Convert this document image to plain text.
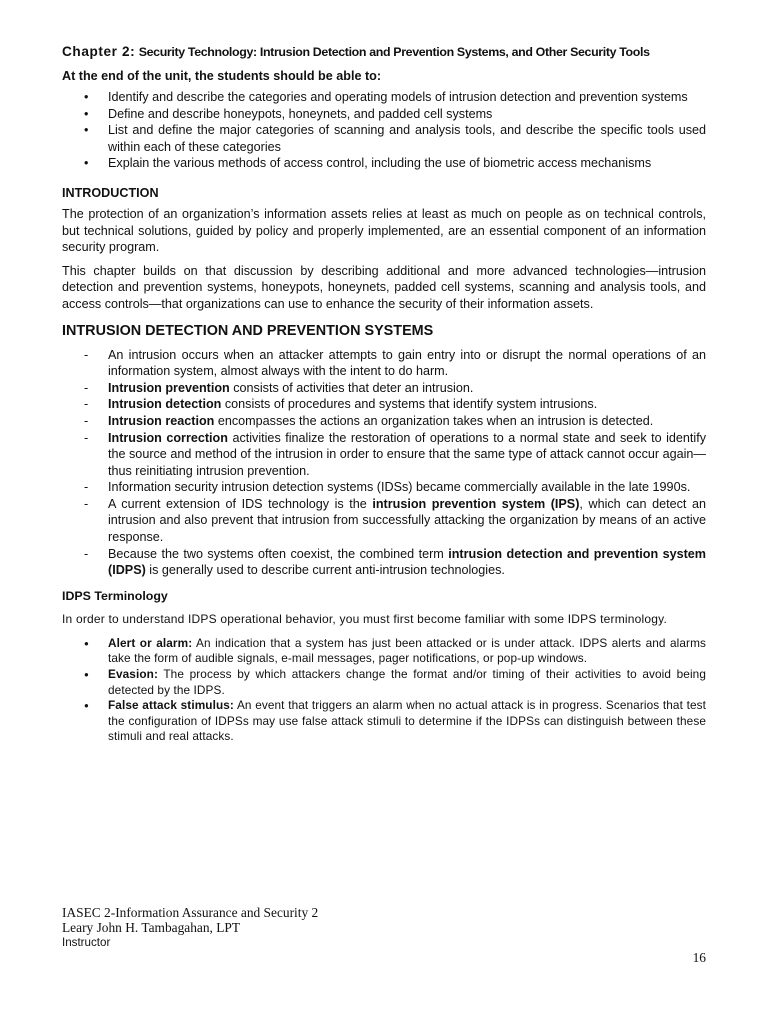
Chapter 2: Security Technology: Intrusion Detection and Prevention Systems, and Other Security Tools
At the end of the unit, the students should be able to:
• Identify and describe the categories and operating models of intrusion detection and prevention systems
• Define and describe honeypots, honeynets, and padded cell systems
• List and define the major categories of scanning and analysis tools, and describe the specific tools used within each of these categories
• Explain the various methods of access control, including the use of biometric access mechanisms
INTRODUCTION

The protection of an organization’s information assets relies at least as much on people as on technical controls, but technical solutions, guided by policy and properly implemented, are an essential component of an information security program.

This chapter builds on that discussion by describing additional and more advanced technologies—intrusion detection and prevention systems, honeypots, honeynets, padded cell systems, scanning and analysis tools, and access controls—that organizations can use to enhance the security of their information assets.

INTRUSION DETECTION AND PREVENTION SYSTEMS
- An intrusion occurs when an attacker attempts to gain entry into or disrupt the normal operations of an information system, almost always with the intent to do harm.
- Intrusion prevention consists of activities that deter an intrusion.
- Intrusion detection consists of procedures and systems that identify system intrusions.
- Intrusion reaction encompasses the actions an organization takes when an intrusion is detected.
- Intrusion correction activities finalize the restoration of operations to a normal state and seek to identify the source and method of the intrusion in order to ensure that the same type of attack cannot occur again—thus reinitiating intrusion prevention.
- Information security intrusion detection systems (IDSs) became commercially available in the late 1990s.
- A current extension of IDS technology is the intrusion prevention system (IPS), which can detect an intrusion and also prevent that intrusion from successfully attacking the organization by means of an active response.
- Because the two systems often coexist, the combined term intrusion detection and prevention system (IDPS) is generally used to describe current anti-intrusion technologies.
IDPS Terminology

In order to understand IDPS operational behavior, you must first become familiar with some IDPS terminology.

● Alert or alarm: An indication that a system has just been attacked or is under attack. IDPS alerts and alarms take the form of audible signals, e-mail messages, pager notifications, or pop-up windows.
● Evasion: The process by which attackers change the format and/or timing of their activities to avoid being detected by the IDPS.
● False attack stimulus: An event that triggers an alarm when no actual attack is in progress. Scenarios that test the configuration of IDPSs may use false attack stimuli to determine if the IDPSs can distinguish between these stimuli and real attacks.
IASEC 2-Information Assurance and Security 2
Leary John H. Tambagahan, LPT
Instructor
16
